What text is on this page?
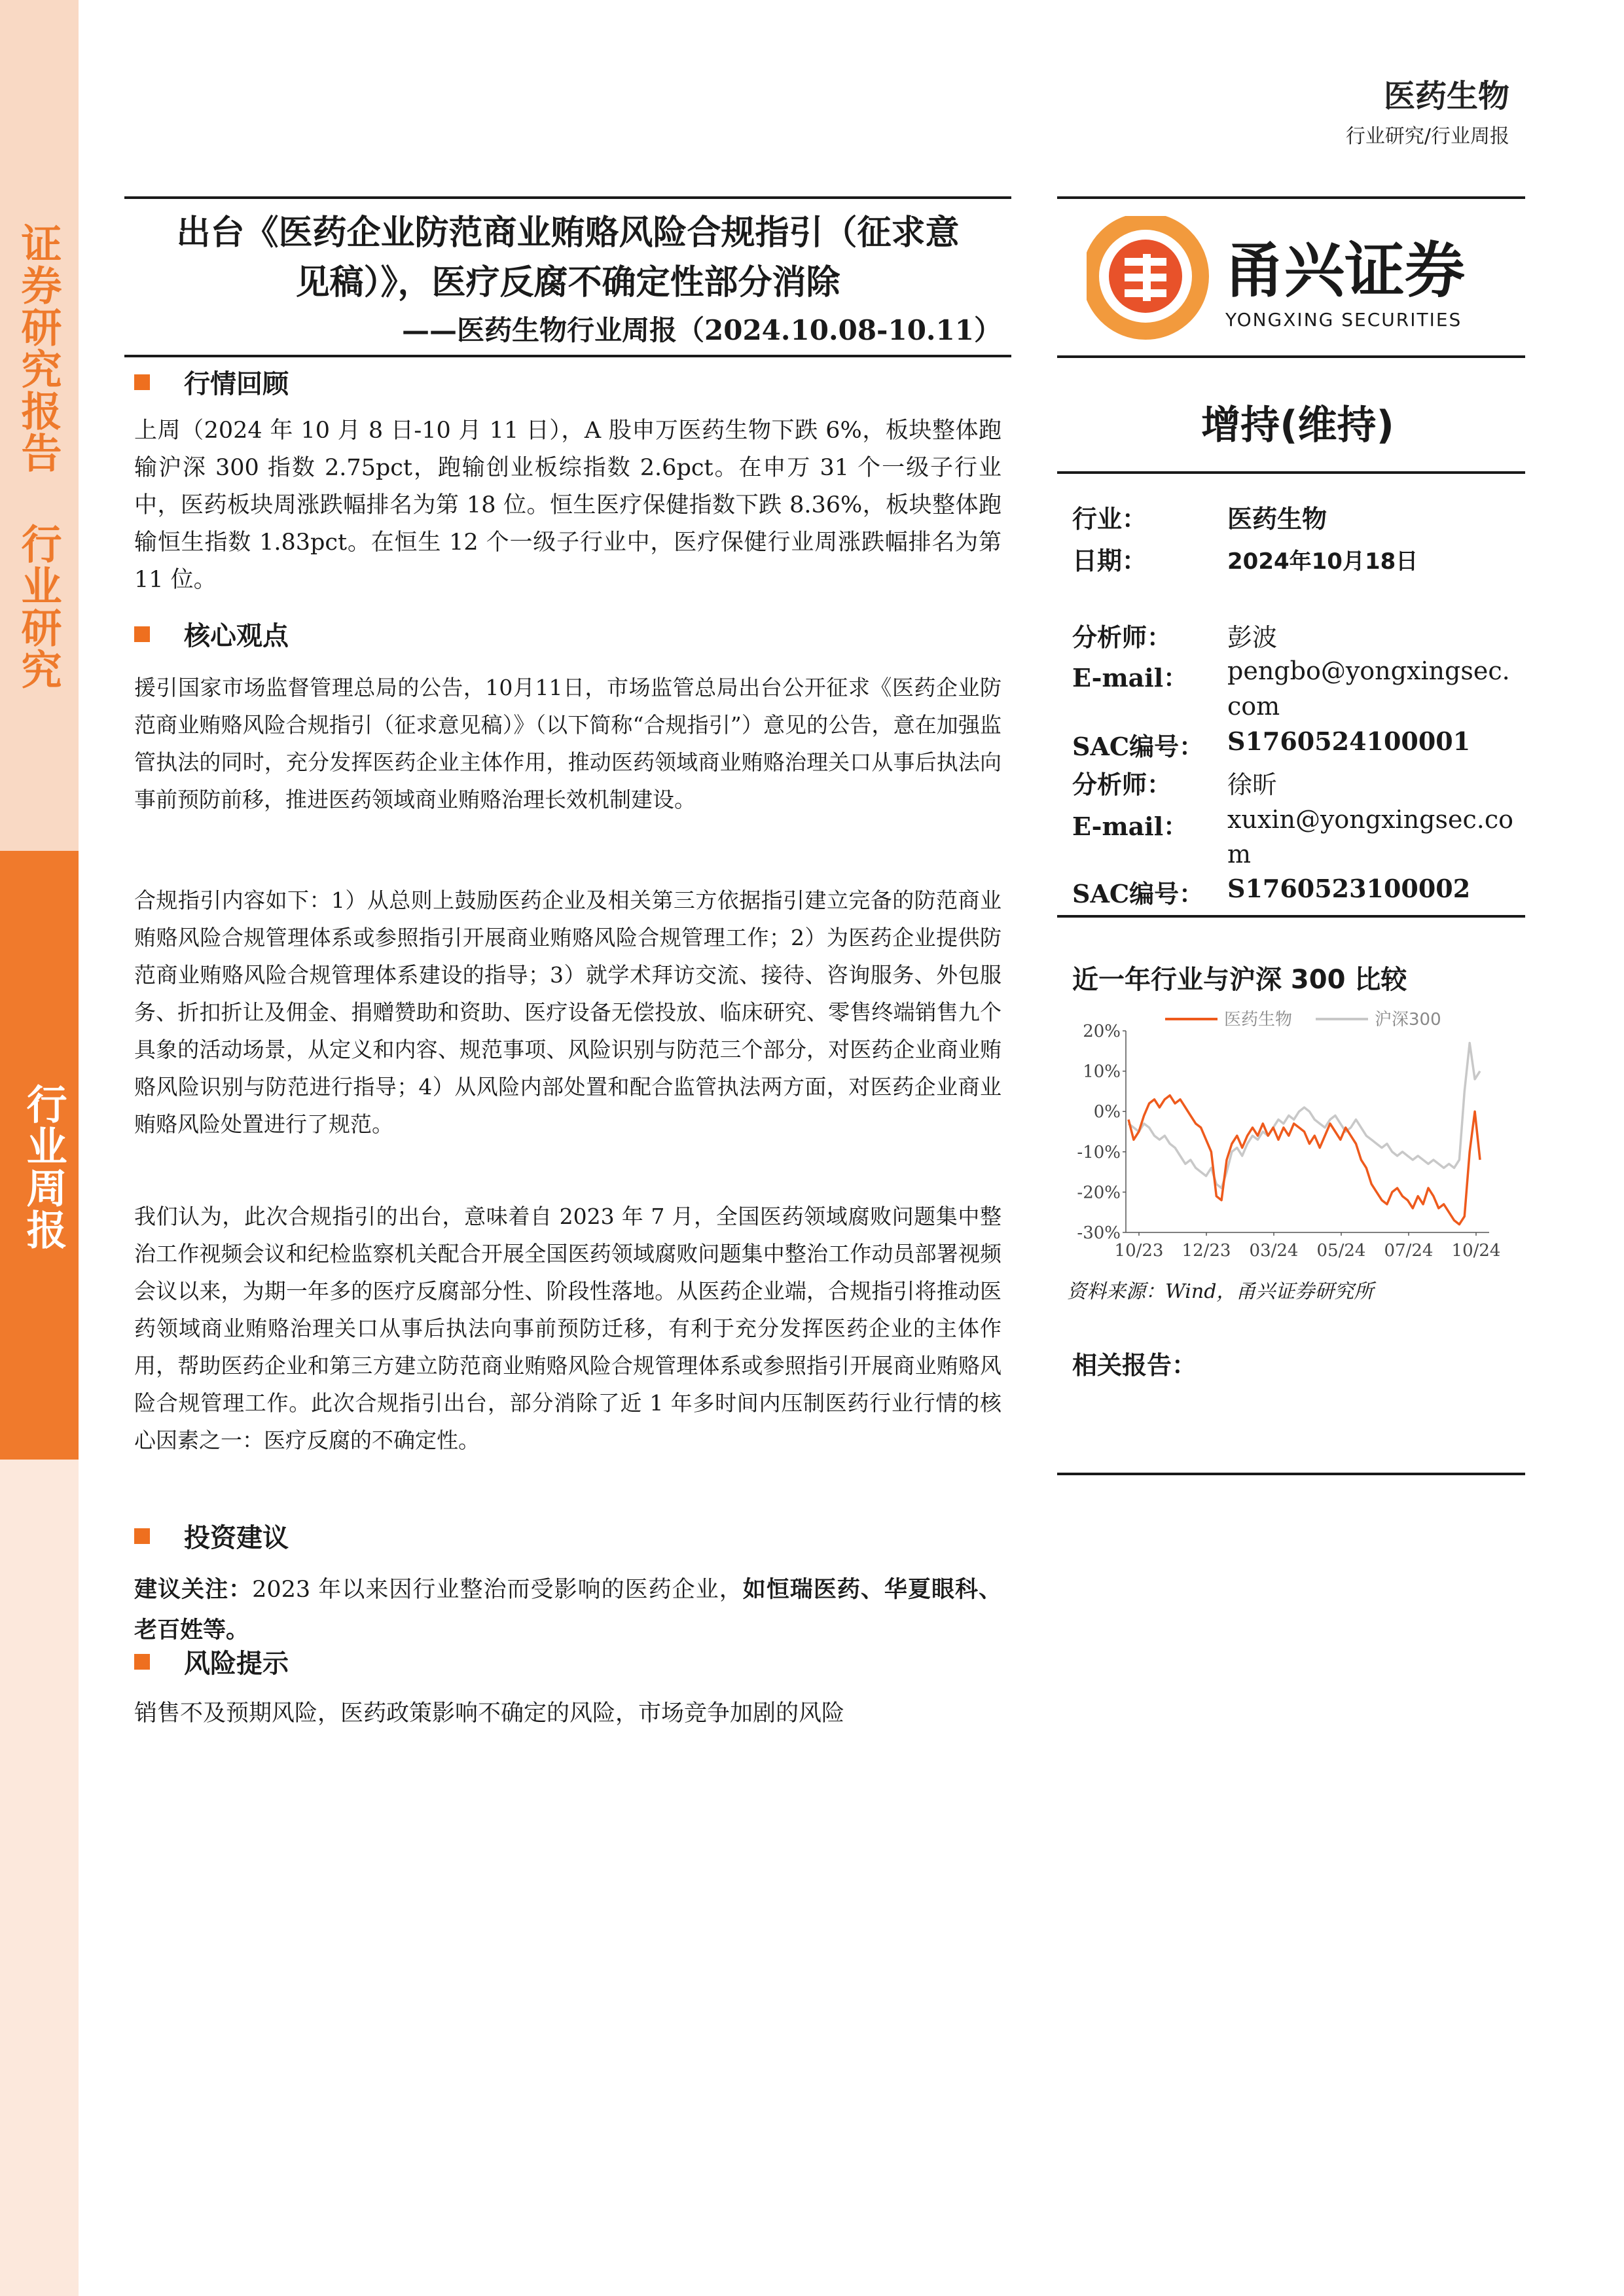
证券研究报告 行业研究
行业周报
医药生物
行业研究/行业周报
出台《医药企业防范商业贿赂风险合规指引（征求意
见稿）》，医疗反腐不确定性部分消除
——医药生物行业周报（2024.10.08-10.11）
行情回顾
上周（2024 年 10 月 8 日-10 月 11 日），A 股申万医药生物下跌 6%，板块整体跑输沪深 300 指数 2.75pct，跑输创业板综指数 2.6pct。在申万 31 个一级子行业中，医药板块周涨跌幅排名为第 18 位。恒生医疗保健指数下跌 8.36%，板块整体跑输恒生指数 1.83pct。在恒生 12 个一级子行业中，医疗保健行业周涨跌幅排名为第 11 位。
核心观点
援引国家市场监督管理总局的公告，10月11日，市场监管总局出台公开征求《医药企业防范商业贿赂风险合规指引（征求意见稿）》（以下简称“合规指引”）意见的公告，意在加强监管执法的同时，充分发挥医药企业主体作用，推动医药领域商业贿赂治理关口从事后执法向事前预防前移，推进医药领域商业贿赂治理长效机制建设。
合规指引内容如下：1）从总则上鼓励医药企业及相关第三方依据指引建立完备的防范商业贿赂风险合规管理体系或参照指引开展商业贿赂风险合规管理工作；2）为医药企业提供防范商业贿赂风险合规管理体系建设的指导；3）就学术拜访交流、接待、咨询服务、外包服务、折扣折让及佣金、捐赠赞助和资助、医疗设备无偿投放、临床研究、零售终端销售九个具象的活动场景，从定义和内容、规范事项、风险识别与防范三个部分，对医药企业商业贿赂风险识别与防范进行指导；4）从风险内部处置和配合监管执法两方面，对医药企业商业贿赂风险处置进行了规范。
我们认为，此次合规指引的出台，意味着自 2023 年 7 月，全国医药领域腐败问题集中整治工作视频会议和纪检监察机关配合开展全国医药领域腐败问题集中整治工作动员部署视频会议以来，为期一年多的医疗反腐部分性、阶段性落地。从医药企业端，合规指引将推动医药领域商业贿赂治理关口从事后执法向事前预防迁移，有利于充分发挥医药企业的主体作用，帮助医药企业和第三方建立防范商业贿赂风险合规管理体系或参照指引开展商业贿赂风险合规管理工作。此次合规指引出台，部分消除了近 1 年多时间内压制医药行业行情的核心因素之一：医疗反腐的不确定性。
投资建议
建议关注：2023 年以来因行业整治而受影响的医药企业，如恒瑞医药、华夏眼科、老百姓等。
风险提示
销售不及预期风险，医药政策影响不确定的风险，市场竞争加剧的风险
甬兴证券
YONGXING SECURITIES
增持(维持)
行业：	医药生物
日期：	2024年10月18日
分析师： 彭波
E-mail： pengbo@yongxingsec.
com
SAC编号： S1760524100001
分析师： 徐昕
E-mail： xuxin@yongxingsec.co
m
SAC编号： S1760523100002
近一年行业与沪深 300 比较
20%
10%
0%
-10%
-20%
-30%
10/23 12/23 03/24 05/24 07/24 10/24
医药生物	沪深300
资料来源：Wind，甬兴证券研究所
相关报告：
